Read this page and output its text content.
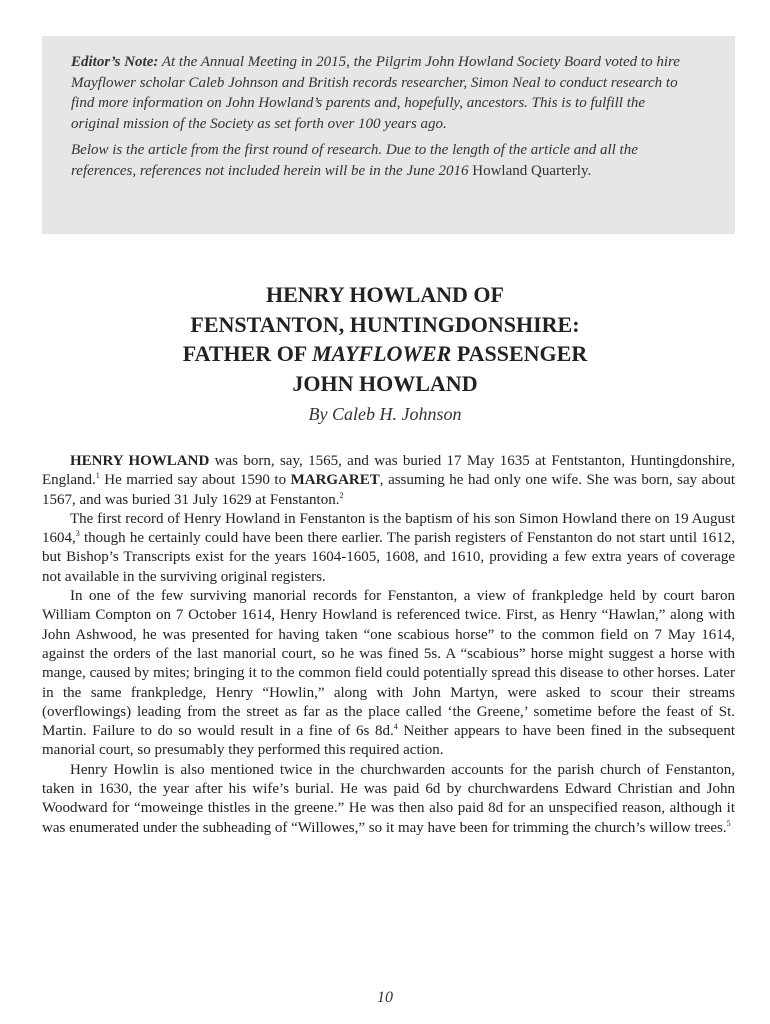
Editor’s Note: At the Annual Meeting in 2015, the Pilgrim John Howland Society Board voted to hire Mayflower scholar Caleb Johnson and British records researcher, Simon Neal to conduct research to find more information on John Howland’s parents and, hopefully, ancestors. This is to fulfill the original mission of the Society as set forth over 100 years ago.

Below is the article from the first round of research. Due to the length of the article and all the references, references not included herein will be in the June 2016 Howland Quarterly.

HENRY HOWLAND OF
FENSTANTON, HUNTINGDONSHIRE:
FATHER OF MAYFLOWER PASSENGER
JOHN HOWLAND

By Caleb H. Johnson

HENRY HOWLAND was born, say, 1565, and was buried 17 May 1635 at Fentstanton, Huntingdonshire, England.$^1$ He married say about 1590 to MARGARET, assuming he had only one wife. She was born, say about 1567, and was buried 31 July 1629 at Fenstanton.$^2$

The first record of Henry Howland in Fenstanton is the baptism of his son Simon Howland there on 19 August 1604,$^3$ though he certainly could have been there earlier. The parish registers of Fenstanton do not start until 1612, but Bishop’s Transcripts exist for the years 1604-1605, 1608, and 1610, providing a few extra years of coverage not available in the surviving original registers.

In one of the few surviving manorial records for Fenstanton, a view of frankpledge held by court baron William Compton on 7 October 1614, Henry Howland is referenced twice. First, as Henry “Hawlan,” along with John Ashwood, he was presented for having taken “one scabious horse” to the common field on 7 May 1614, against the orders of the last manorial court, so he was fined 5s. A “scabious” horse might suggest a horse with mange, caused by mites; bringing it to the common field could potentially spread this disease to other horses. Later in the same frankpledge, Henry “Howlin,” along with John Martyn, were asked to scour their streams (overflowings) leading from the street as far as the place called ‘the Greene,’ sometime before the feast of St. Martin. Failure to do so would result in a fine of 6s 8d.$^4$ Neither appears to have been fined in the subsequent manorial court, so presumably they performed this required action.

Henry Howlin is also mentioned twice in the churchwarden accounts for the parish church of Fenstanton, taken in 1630, the year after his wife’s burial. He was paid 6d by churchwardens Edward Christian and John Woodward for “moweinge thistles in the greene.” He was then also paid 8d for an unspecified reason, although it was enumerated under the subheading of “Willowes,” so it may have been for trimming the church’s willow trees.$^5$

10
